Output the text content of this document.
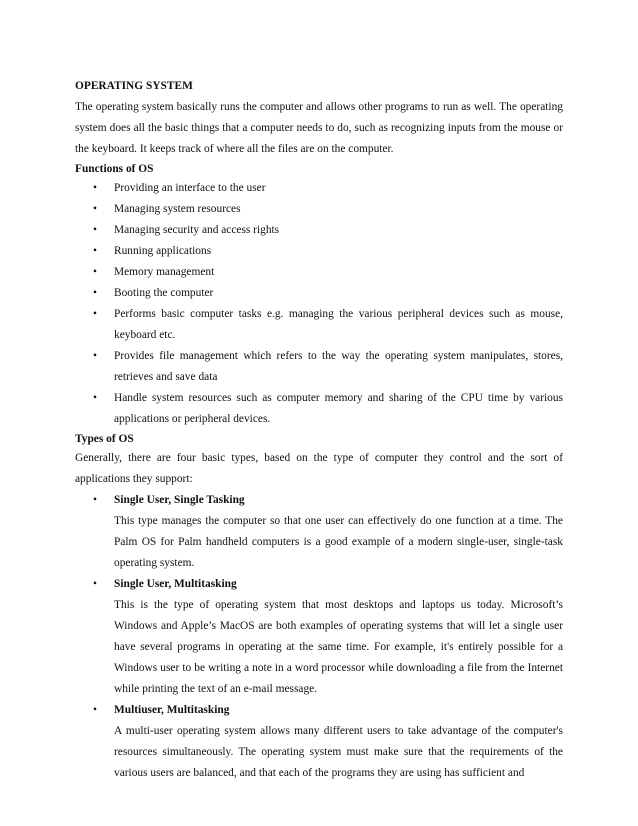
OPERATING SYSTEM

The operating system basically runs the computer and allows other programs to run as well. The operating system does all the basic things that a computer needs to do, such as recognizing inputs from the mouse or the keyboard. It keeps track of where all the files are on the computer.

Functions of OS

• Providing an interface to the user
• Managing system resources
• Managing security and access rights
• Running applications
• Memory management
• Booting the computer
• Performs basic computer tasks e.g. managing the various peripheral devices such as mouse, keyboard etc.
• Provides file management which refers to the way the operating system manipulates, stores, retrieves and save data
• Handle system resources such as computer memory and sharing of the CPU time by various applications or peripheral devices.

Types of OS

Generally, there are four basic types, based on the type of computer they control and the sort of applications they support:

• Single User, Single Tasking
This type manages the computer so that one user can effectively do one function at a time. The Palm OS for Palm handheld computers is a good example of a modern single-user, single-task operating system.
• Single User, Multitasking
This is the type of operating system that most desktops and laptops us today. Microsoft’s Windows and Apple’s MacOS are both examples of operating systems that will let a single user have several programs in operating at the same time. For example, it's entirely possible for a Windows user to be writing a note in a word processor while downloading a file from the Internet while printing the text of an e-mail message.
• Multiuser, Multitasking
A multi-user operating system allows many different users to take advantage of the computer's resources simultaneously. The operating system must make sure that the requirements of the various users are balanced, and that each of the programs they are using has sufficient and
